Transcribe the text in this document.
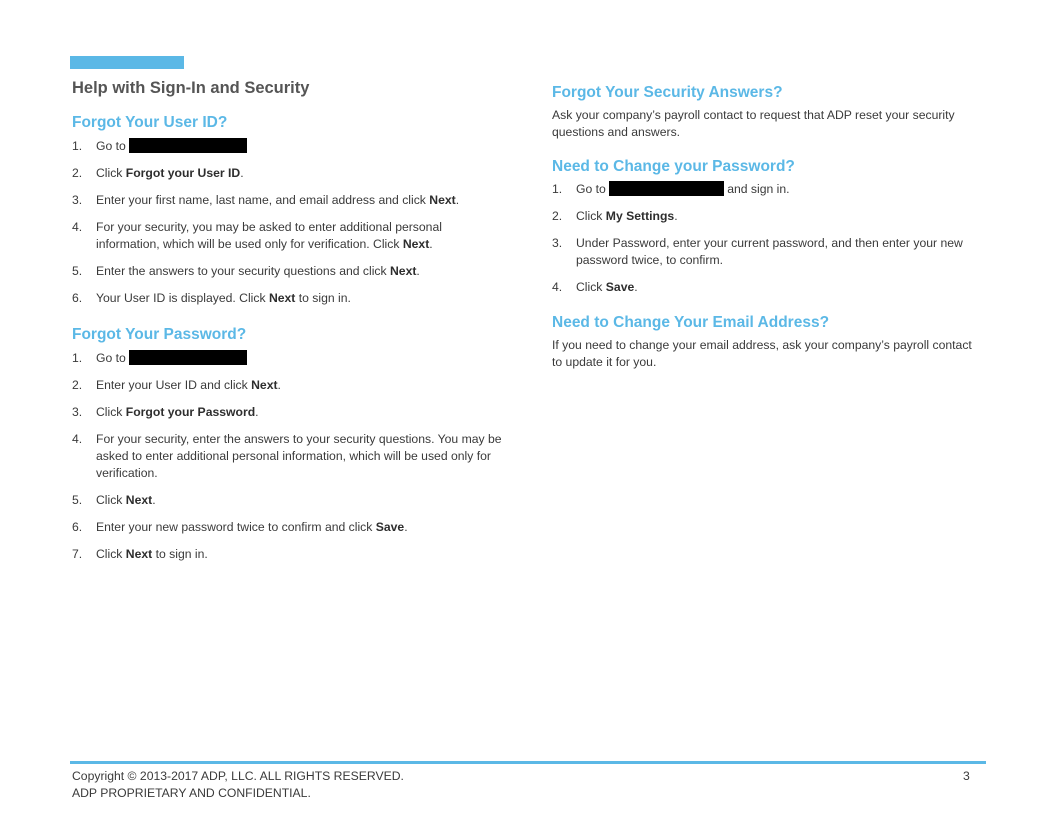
Help with Sign-In and Security
Forgot Your User ID?
1. Go to
2. Click Forgot your User ID.
3. Enter your first name, last name, and email address and click Next.
4. For your security, you may be asked to enter additional personal information, which will be used only for verification. Click Next.
5. Enter the answers to your security questions and click Next.
6. Your User ID is displayed. Click Next to sign in.
Forgot Your Password?
1. Go to
2. Enter your User ID and click Next.
3. Click Forgot your Password.
4. For your security, enter the answers to your security questions. You may be asked to enter additional personal information, which will be used only for verification.
5. Click Next.
6. Enter your new password twice to confirm and click Save.
7. Click Next to sign in.
Forgot Your Security Answers?

Ask your company’s payroll contact to request that ADP reset your security questions and answers.

Need to Change your Password?
1. Go to	and sign in.
2. Click My Settings.
3. Under Password, enter your current password, and then enter your new password twice, to confirm.
4. Click Save.
Need to Change Your Email Address?

If you need to change your email address, ask your company’s payroll contact to update it for you.

Copyright © 2013-2017 ADP, LLC. ALL RIGHTS RESERVED.
ADP PROPRIETARY AND CONFIDENTIAL.
3
